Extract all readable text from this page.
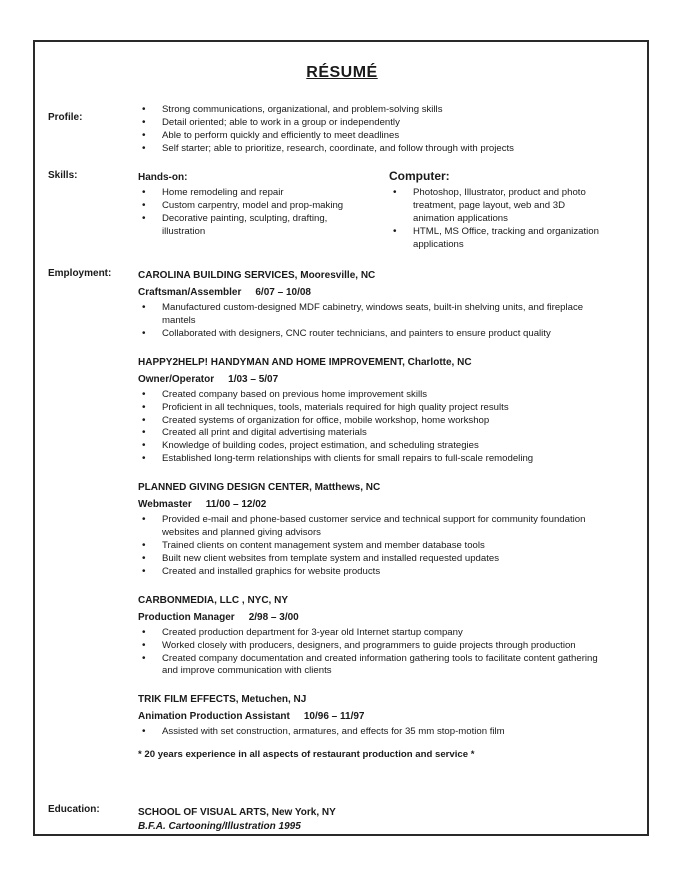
RÉSUMÉ
Profile:
• Strong communications, organizational, and problem-solving skills
• Detail oriented; able to work in a group or independently
• Able to perform quickly and efficiently to meet deadlines
• Self starter; able to prioritize, research, coordinate, and follow through with projects
Skills:	Hands-on:
• Home remodeling and repair
• Custom carpentry, model and prop-making
• Decorative painting, sculpting, drafting, illustration
Computer:
• Photoshop, Illustrator, product and photo treatment, page layout, web and 3D animation applications
• HTML, MS Office, tracking and organization applications
Employment:	CAROLINA BUILDING SERVICES, Mooresville, NC
Craftsman/Assembler 6/07 – 10/08
• Manufactured custom-designed MDF cabinetry, windows seats, built-in shelving units, and fireplace mantels
• Collaborated with designers, CNC router technicians, and painters to ensure product quality
HAPPY2HELP! HANDYMAN AND HOME IMPROVEMENT, Charlotte, NC
Owner/Operator 1/03 – 5/07
• Created company based on previous home improvement skills
• Proficient in all techniques, tools, materials required for high quality project results
• Created systems of organization for office, mobile workshop, home workshop
• Created all print and digital advertising materials
• Knowledge of building codes, project estimation, and scheduling strategies
• Established long-term relationships with clients for small repairs to full-scale remodeling
PLANNED GIVING DESIGN CENTER, Matthews, NC
Webmaster 11/00 – 12/02
• Provided e-mail and phone-based customer service and technical support for community foundation websites and planned giving advisors
• Trained clients on content management system and member database tools
• Built new client websites from template system and installed requested updates
• Created and installed graphics for website products
CARBONMEDIA, LLC , NYC, NY
Production Manager 2/98 – 3/00
• Created production department for 3-year old Internet startup company
• Worked closely with producers, designers, and programmers to guide projects through production
• Created company documentation and created information gathering tools to facilitate content gathering and improve communication with clients
TRIK FILM EFFECTS, Metuchen, NJ
Animation Production Assistant 10/96 – 11/97
• Assisted with set construction, armatures, and effects for 35 mm stop-motion film
* 20 years experience in all aspects of restaurant production and service *
Education:	SCHOOL OF VISUAL ARTS, New York, NY
B.F.A. Cartooning/Illustration 1995
